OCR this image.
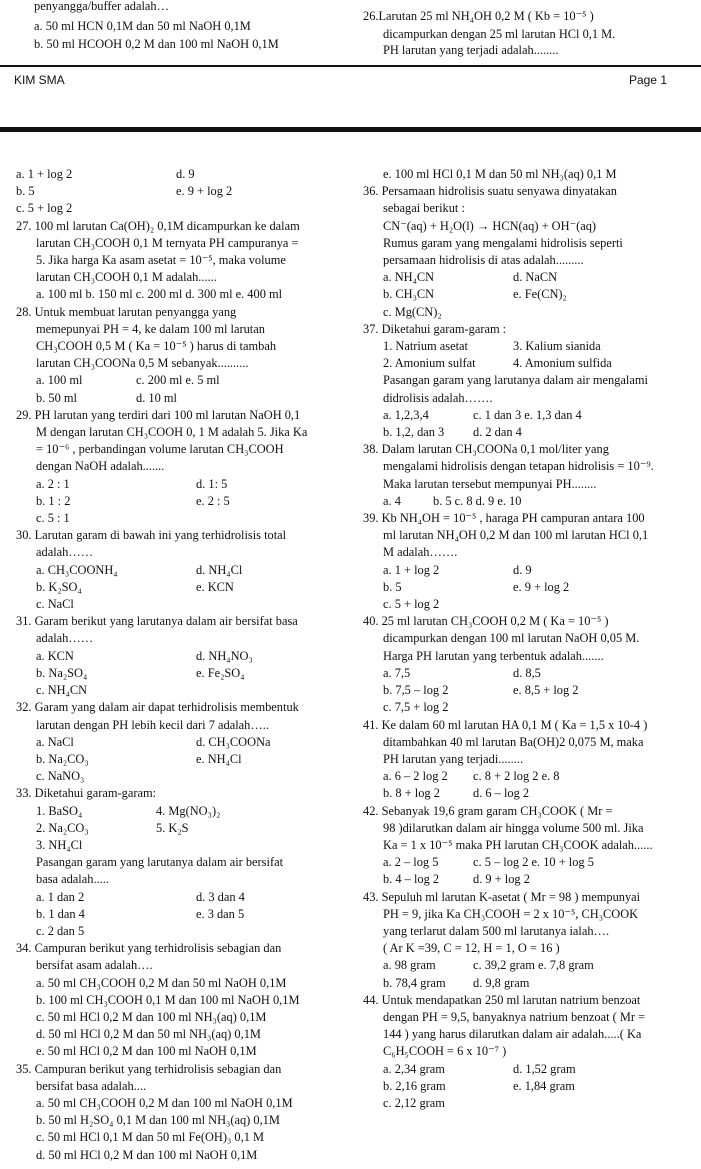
penyangga/buffer adalah…
a. 50 ml HCN 0,1M dan 50 ml NaOH 0,1M
b. 50 ml HCOOH 0,2 M dan 100 ml NaOH 0,1M
26.Larutan 25 ml NH₄OH 0,2 M ( Kb = 10⁻⁵ )
dicampurkan dengan 25 ml larutan HCl 0,1 M.
PH larutan yang terjadi adalah........
KIM SMA	Page 1
a. 1 + log 2	d. 9
b. 5	e. 9 + log 2
c. 5 + log 2
27. 100 ml larutan Ca(OH)₂ 0,1M dicampurkan ke dalam
larutan CH₃COOH 0,1 M ternyata PH campuranya =
5. Jika harga Ka asam asetat = 10⁻⁵, maka volume
larutan CH₃COOH 0,1 M adalah......
a. 100 ml b. 150 ml c. 200 ml d. 300 ml e. 400 ml
28. Untuk membuat larutan penyangga yang
memepunyai PH = 4, ke dalam 100 ml larutan
CH₃COOH 0,5 M ( Ka = 10⁻⁵ ) harus di tambah
larutan CH₃COONa 0,5 M sebanyak..........
a. 100 ml	c. 200 ml e. 5 ml
b. 50 ml	d. 10 ml
29. PH larutan yang terdiri dari 100 ml larutan NaOH 0,1
M dengan larutan CH₃COOH 0, 1 M adalah 5. Jika Ka
= 10⁻⁶ , perbandingan volume larutan CH₃COOH
dengan NaOH adalah.......
a. 2 : 1	d. 1: 5
b. 1 : 2	e. 2 : 5
c. 5 : 1
30. Larutan garam di bawah ini yang terhidrolisis total
adalah……
a. CH₃COONH₄	d. NH₄Cl
b. K₂SO₄	e. KCN
c. NaCl
31. Garam berikut yang larutanya dalam air bersifat basa
adalah……
a. KCN	d. NH₄NO₃
b. Na₂SO₄	e. Fe₂SO₄
c. NH₄CN
32. Garam yang dalam air dapat terhidrolisis membentuk
larutan dengan PH lebih kecil dari 7 adalah…..
a. NaCl	d. CH₃COONa
b. Na₂CO₃	e. NH₄Cl
c. NaNO₃
33. Diketahui garam-garam:
1. BaSO₄	4. Mg(NO₃)₂
2. Na₂CO₃	5. K₂S
3. NH₄Cl
Pasangan garam yang larutanya dalam air bersifat
basa adalah.....
a. 1 dan 2	d. 3 dan 4
b. 1 dan 4	e. 3 dan 5
c. 2 dan 5
34. Campuran berikut yang terhidrolisis sebagian dan
bersifat asam adalah….
a. 50 ml CH₃COOH 0,2 M dan 50 ml NaOH 0,1M
b. 100 ml CH₃COOH 0,1 M dan 100 ml NaOH 0,1M
c. 50 ml HCl 0,2 M dan 100 ml NH₃(aq) 0,1M
d. 50 ml HCl 0,2 M dan 50 ml NH₃(aq) 0,1M
e. 50 ml HCl 0,2 M dan 100 ml NaOH 0,1M
35. Campuran berikut yang terhidrolisis sebagian dan
bersifat basa adalah....
a. 50 ml CH₃COOH 0,2 M dan 100 ml NaOH 0,1M
b. 50 ml H₂SO₄ 0,1 M dan 100 ml NH₃(aq) 0,1M
c. 50 ml HCl 0,1 M dan 50 ml Fe(OH)₃ 0,1 M
d. 50 ml HCl 0,2 M dan 100 ml NaOH 0,1M
e. 100 ml HCl 0,1 M dan 50 ml NH₃(aq) 0,1 M
36. Persamaan hidrolisis suatu senyawa dinyatakan
sebagai berikut :
CN⁻(aq) + H₂O(l) → HCN(aq) + OH⁻(aq)
Rumus garam yang mengalami hidrolisis seperti
persamaan hidrolisis di atas adalah.........
a. NH₄CN	d. NaCN
b. CH₃CN	e. Fe(CN)₂
c. Mg(CN)₂
37. Diketahui garam-garam :
1. Natrium asetat	3. Kalium sianida
2. Amonium sulfat	4. Amonium sulfida
Pasangan garam yang larutanya dalam air mengalami
didrolisis adalah…….
a. 1,2,3,4	c. 1 dan 3 e. 1,3 dan 4
b. 1,2, dan 3 d. 2 dan 4
38. Dalam larutan CH₃COONa 0,1 mol/liter yang
mengalami hidrolisis dengan tetapan hidrolisis = 10⁻⁹.
Maka larutan tersebut mempunyai PH........
a. 4	b. 5 c. 8 d. 9 e. 10
39. Kb NH₄OH = 10⁻⁵ , haraga PH campuran antara 100
ml larutan NH₄OH 0,2 M dan 100 ml larutan HCl 0,1
M adalah…….
a. 1 + log 2	d. 9
b. 5	e. 9 + log 2
c. 5 + log 2
40. 25 ml larutan CH₃COOH 0,2 M ( Ka = 10⁻⁵ )
dicampurkan dengan 100 ml larutan NaOH 0,05 M.
Harga PH larutan yang terbentuk adalah.......
a. 7,5	d. 8,5
b. 7,5 – log 2	e. 8,5 + log 2
c. 7,5 + log 2
41. Ke dalam 60 ml larutan HA 0,1 M ( Ka = 1,5 x 10-4 )
ditambahkan 40 ml larutan Ba(OH)2 0,075 M, maka
PH larutan yang terjadi........
a. 6 – 2 log 2 c. 8 + 2 log 2 e. 8
b. 8 + log 2	d. 6 – log 2
42. Sebanyak 19,6 gram garam CH₃COOK ( Mr =
98 )dilarutkan dalam air hingga volume 500 ml. Jika
Ka = 1 x 10⁻⁵ maka PH larutan CH₃COOK adalah......
a. 2 – log 5	c. 5 – log 2 e. 10 + log 5
b. 4 – log 2	d. 9 + log 2
43. Sepuluh ml larutan K-asetat ( Mr = 98 ) mempunyai
PH = 9, jika Ka CH₃COOH = 2 x 10⁻⁵, CH₃COOK
yang terlarut dalam 500 ml larutanya ialah….
( Ar K =39, C = 12, H = 1, O = 16 )
a. 98 gram	c. 39,2 gram e. 7,8 gram
b. 78,4 gram d. 9,8 gram
44. Untuk mendapatkan 250 ml larutan natrium benzoat
dengan PH = 9,5, banyaknya natrium benzoat ( Mr =
144 ) yang harus dilarutkan dalam air adalah.....( Ka
C₆H₅COOH = 6 x 10⁻⁷ )
a. 2,34 gram	d. 1,52 gram
b. 2,16 gram	e. 1,84 gram
c. 2,12 gram
